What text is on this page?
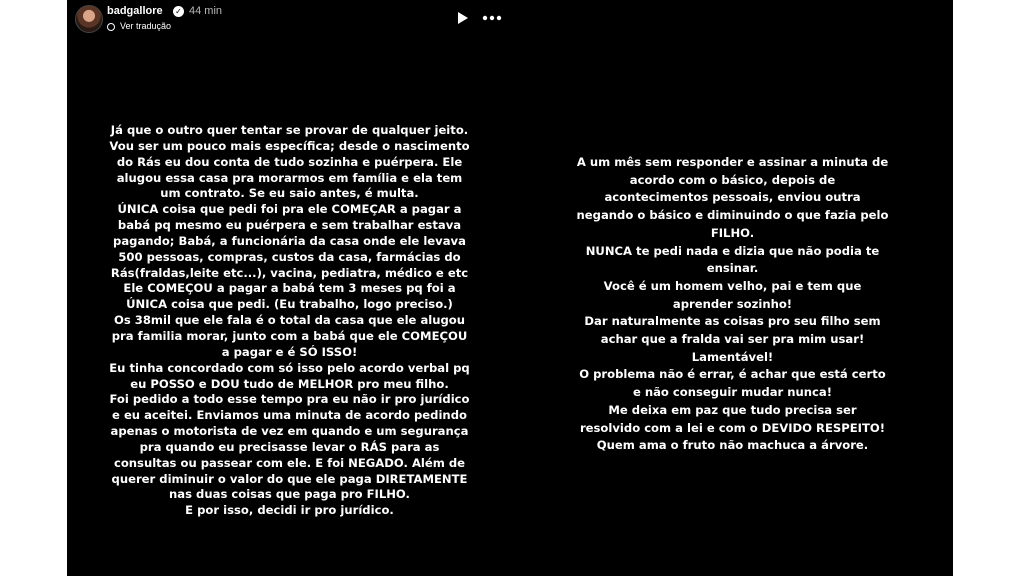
badgallore ✓ 44 min
Ver tradução
Já que o outro quer tentar se provar de qualquer jeito.
Vou ser um pouco mais específica; desde o nascimento
do Rás eu dou conta de tudo sozinha e puérpera. Ele
alugou essa casa pra morarmos em família e ela tem
um contrato. Se eu saio antes, é multa.
ÚNICA coisa que pedi foi pra ele COMEÇAR a pagar a
babá pq mesmo eu puérpera e sem trabalhar estava
pagando; Babá, a funcionária da casa onde ele levava
500 pessoas, compras, custos da casa, farmácias do
Rás(fraldas,leite etc...), vacina, pediatra, médico e etc
Ele COMEÇOU a pagar a babá tem 3 meses pq foi a
ÚNICA coisa que pedi. (Eu trabalho, logo preciso.)
Os 38mil que ele fala é o total da casa que ele alugou
pra familia morar, junto com a babá que ele COMEÇOU
a pagar e é SÓ ISSO!
Eu tinha concordado com só isso pelo acordo verbal pq
eu POSSO e DOU tudo de MELHOR pro meu filho.
Foi pedido a todo esse tempo pra eu não ir pro jurídico
e eu aceitei. Enviamos uma minuta de acordo pedindo
apenas o motorista de vez em quando e um segurança
pra quando eu precisasse levar o RÁS para as
consultas ou passear com ele. E foi NEGADO. Além de
querer diminuir o valor do que ele paga DIRETAMENTE
nas duas coisas que paga pro FILHO.
E por isso, decidi ir pro jurídico.
A um mês sem responder e assinar a minuta de
acordo com o básico, depois de
acontecimentos pessoais, enviou outra
negando o básico e diminuindo o que fazia pelo
FILHO.
NUNCA te pedi nada e dizia que não podia te
ensinar.
Você é um homem velho, pai e tem que
aprender sozinho!
Dar naturalmente as coisas pro seu filho sem
achar que a fralda vai ser pra mim usar!
Lamentável!
O problema não é errar, é achar que está certo
e não conseguir mudar nunca!
Me deixa em paz que tudo precisa ser
resolvido com a lei e com o DEVIDO RESPEITO!
Quem ama o fruto não machuca a árvore.
